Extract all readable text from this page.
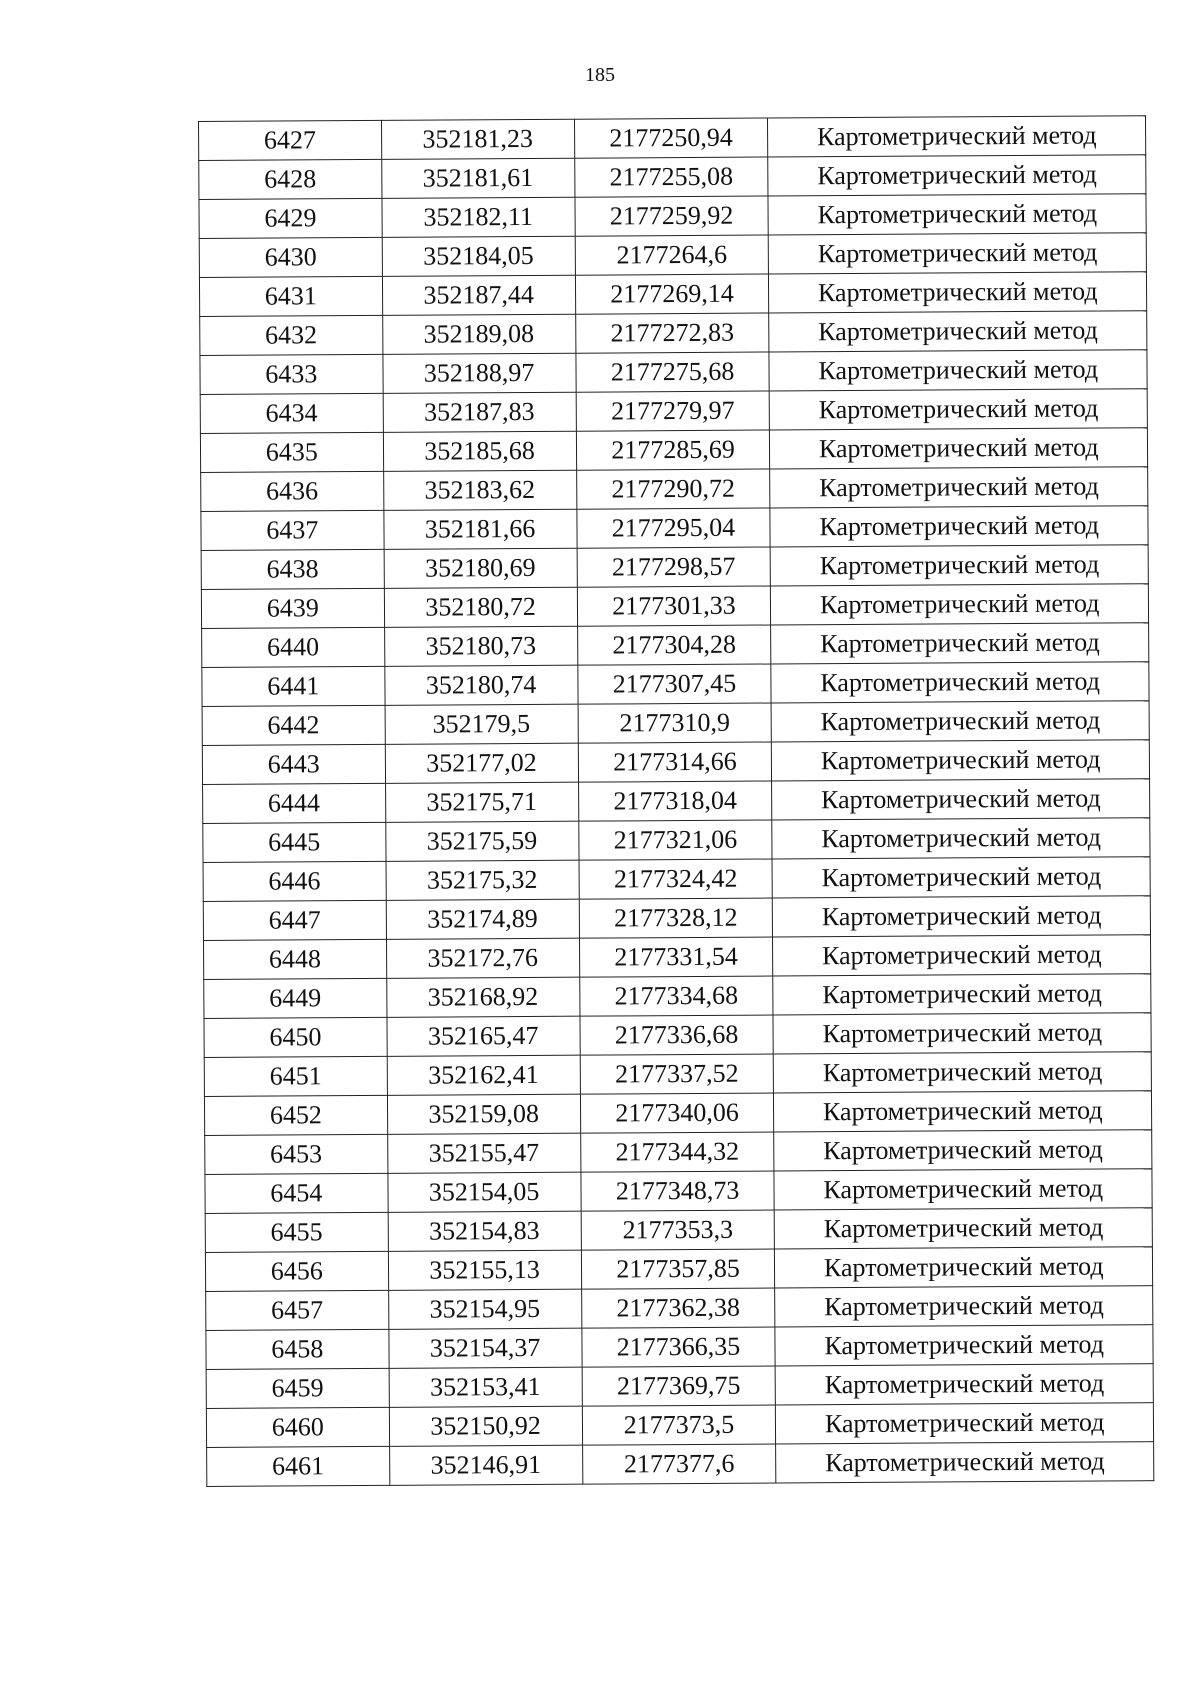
185
6427	352181,23	2177250,94	Картометрический метод
6428	352181,61	2177255,08	Картометрический метод
6429	352182,11	2177259,92	Картометрический метод
6430	352184,05	2177264,6	Картометрический метод
6431	352187,44	2177269,14	Картометрический метод
6432	352189,08	2177272,83	Картометрический метод
6433	352188,97	2177275,68	Картометрический метод
6434	352187,83	2177279,97	Картометрический метод
6435	352185,68	2177285,69	Картометрический метод
6436	352183,62	2177290,72	Картометрический метод
6437	352181,66	2177295,04	Картометрический метод
6438	352180,69	2177298,57	Картометрический метод
6439	352180,72	2177301,33	Картометрический метод
6440	352180,73	2177304,28	Картометрический метод
6441	352180,74	2177307,45	Картометрический метод
6442	352179,5	2177310,9	Картометрический метод
6443	352177,02	2177314,66	Картометрический метод
6444	352175,71	2177318,04	Картометрический метод
6445	352175,59	2177321,06	Картометрический метод
6446	352175,32	2177324,42	Картометрический метод
6447	352174,89	2177328,12	Картометрический метод
6448	352172,76	2177331,54	Картометрический метод
6449	352168,92	2177334,68	Картометрический метод
6450	352165,47	2177336,68	Картометрический метод
6451	352162,41	2177337,52	Картометрический метод
6452	352159,08	2177340,06	Картометрический метод
6453	352155,47	2177344,32	Картометрический метод
6454	352154,05	2177348,73	Картометрический метод
6455	352154,83	2177353,3	Картометрический метод
6456	352155,13	2177357,85	Картометрический метод
6457	352154,95	2177362,38	Картометрический метод
6458	352154,37	2177366,35	Картометрический метод
6459	352153,41	2177369,75	Картометрический метод
6460	352150,92	2177373,5	Картометрический метод
6461	352146,91	2177377,6	Картометрический метод
